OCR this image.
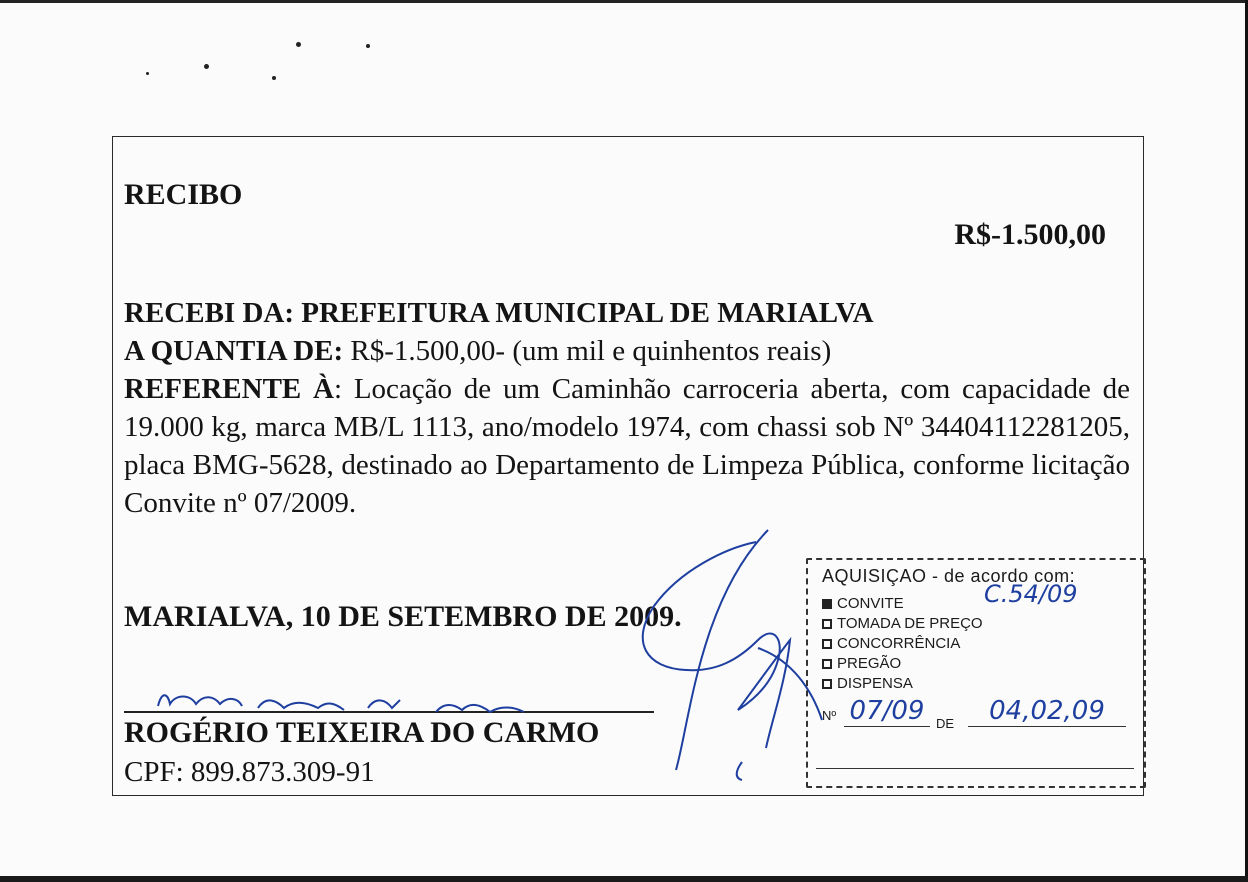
RECIBO
R$-1.500,00

RECEBI DA: PREFEITURA MUNICIPAL DE MARIALVA

A QUANTIA DE: R$-1.500,00- (um mil e quinhentos reais)

REFERENTE À: Locação de um Caminhão carroceria aberta, com capacidade de 19.000 kg, marca MB/L 1113, ano/modelo 1974, com chassi sob Nº 34404112281205, placa BMG-5628, destinado ao Departamento de Limpeza Pública, conforme licitação Convite nº 07/2009.

MARIALVA, 10 DE SETEMBRO DE 2009.
ROGÉRIO TEIXEIRA DO CARMO
CPF: 899.873.309-91
AQUISIÇAO - de acordo com:
C.54/09
CONVITE
TOMADA DE PREÇO
CONCORRÊNCIA
PREGÃO
DISPENSA
Nº 07/09 DE	04,02,09
